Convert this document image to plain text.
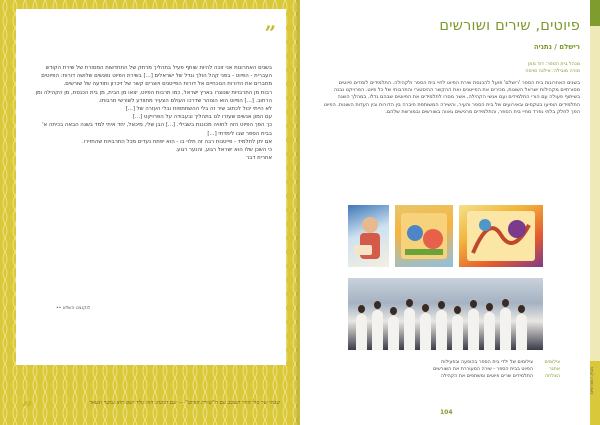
”

בשנים האחרונות אני זוכה להיות שותף פעיל בתהליך מרתק של התחדשות המסורת של שירת הקודש העברית - הפיוט - בפני קהל הולך וגדל של ישראלים [...] בשירת הפיוט נפגשים שלושה דורות: הפיוטים מחברים את הדורות הנוכחיים אל דורות הפייטנים ויוצרים קשר של זיכרון ותודעה של שורשים.

רבות מן התרבויות שנוצרו בארץ ישראל, כמו תרבות הפיוט, יצאו מן הבית, מן בית הכנסת, מן הקהילה ומן הרחוב. [...] הפיוט הוא הצוהר שדרכו העולם הצעיר מתוודע לשורשי תרבותו.

לא הייתי יכול לכתוב שיר זה בלי ההשתתפות ובלי העזרה של [...]

עם המון אנשים שעזרו לנו בתהליך ובעבודה על הפרויקט [...]

כך הפך הפיוט הזה לחוויה מכוננת בשבילי. [...] הבן שלי, מיכאל, יחד איתי למד בשנה הבאה בכיתה א' בבית הספר שבו לימדתי [...]

אם יתן לתלמיד - פייטנות רבה זה תלוי בו - הוא יפתח נעדים מכל התרבויות שהחזירו.

כי השכן שלו הוא ישראל רגוע, והנער רגוע.

אחרית דבר

לוקנצט השלא ••
שבתי שר מול ההר העזבב עם ה"שירת הפיוט" — שם המנהג הזה נולד ושם הוא נמשך ונשאר
„
מגזין השורשים
פיוטים, שירים ושורשים
רישלם / נתניה
מנהל בית הספר: דוד ממן
מורה מובילה: אילנה סויסה
בשנים האחרונות בית הספר 'רישלם' פועל להכנסת שירת הפיוט לחיי בית הספר ולקהילה. התלמידים לומדים פיוטים מסורתיים מקהילות ישראל השונות, מכירים את הפייטנים ואת ההקשר ההיסטורי והתרבותי של כל פיוט. הפרויקט נבנה בשיתוף פעולה עם הורי התלמידים ועם אנשי הקהילה, אשר מסרו לתלמידים את הפיוטים שבהם גדלו. במהלך השנה התלמידים הופיעו בטקסים ובאירועים של בית הספר והעיר, והשירה המשותפת חיברה בין הדורות ובין העדות השונות. הפיוט הפך לחלק בלתי נפרד מחיי בית הספר, והתלמידים מרגישים גאווה בשורשים ובמורשת שלהם.
צילומים
צילומים של ילדי בית הספר בהופעה ובפעילות
אתגר
הפיוט בבית הספר - שירה המעוררת את השורשים
הצלחה
התלמידים שרים פיוטים ומשתפים את הקהילה
104
